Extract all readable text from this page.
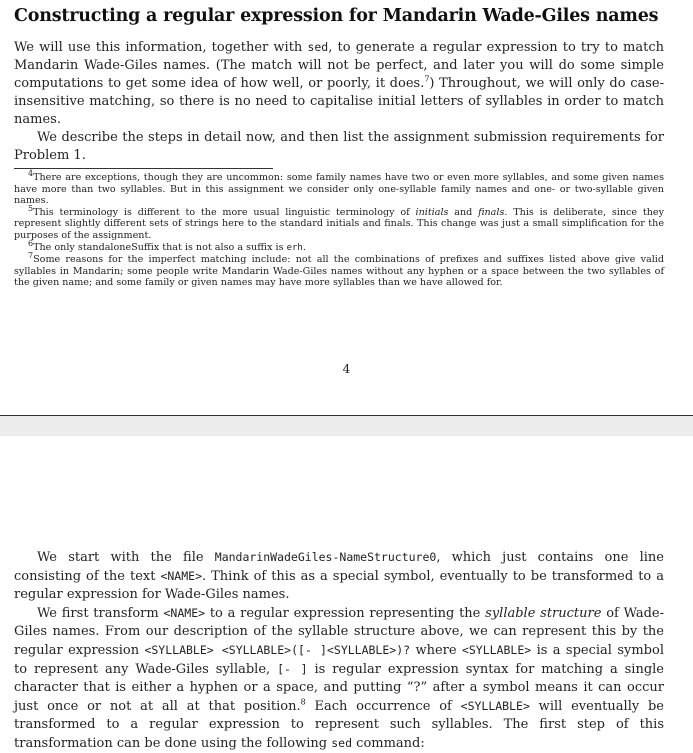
Constructing a regular expression for Mandarin Wade-Giles names

We will use this information, together with sed, to generate a regular expression to try to match Mandarin Wade-Giles names. (The match will not be perfect, and later you will do some simple computations to get some idea of how well, or poorly, it does.$^7$) Throughout, we will only do case-insensitive matching, so there is no need to capitalise initial letters of syllables in order to match names.

We describe the steps in detail now, and then list the assignment submission requirements for Problem 1.

$^4$There are exceptions, though they are uncommon: some family names have two or even more syllables, and some given names have more than two syllables. But in this assignment we consider only one-syllable family names and one- or two-syllable given names.

$^5$This terminology is different to the more usual linguistic terminology of initials and finals. This is deliberate, since they represent slightly different sets of strings here to the standard initials and finals. This change was just a small simplification for the purposes of the assignment.

$^6$The only standaloneSuffix that is not also a suffix is erh.

$^7$Some reasons for the imperfect matching include: not all the combinations of prefixes and suffixes listed above give valid syllables in Mandarin; some people write Mandarin Wade-Giles names without any hyphen or a space between the two syllables of the given name; and some family or given names may have more syllables than we have allowed for.

4

We start with the file MandarinWadeGiles-NameStructure0, which just contains one line consisting of the text <NAME>. Think of this as a special symbol, eventually to be transformed to a regular expression for Wade-Giles names.

We first transform <NAME> to a regular expression representing the syllable structure of Wade-Giles names. From our description of the syllable structure above, we can represent this by the regular expression <SYLLABLE> <SYLLABLE>([- ]<SYLLABLE>)? where <SYLLABLE> is a special symbol to represent any Wade-Giles syllable, [- ] is regular expression syntax for matching a single character that is either a hyphen or a space, and putting “?” after a symbol means it can occur just once or not at all at that position.$^8$ Each occurrence of <SYLLABLE> will eventually be transformed to a regular expression to represent such syllables. The first step of this transformation can be done using the following sed command:
